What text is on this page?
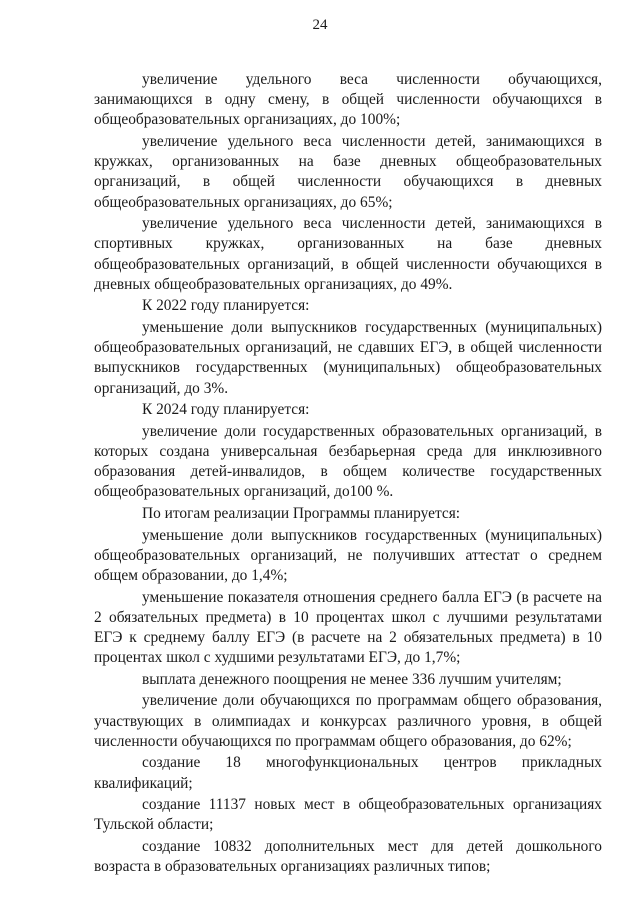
24

увеличение удельного веса численности обучающихся, занимающихся в одну смену, в общей численности обучающихся в общеобразовательных организациях, до 100%;

увеличение удельного веса численности детей, занимающихся в кружках, организованных на базе дневных общеобразовательных организаций, в общей численности обучающихся в дневных общеобразовательных организациях, до 65%;

увеличение удельного веса численности детей, занимающихся в спортивных кружках, организованных на базе дневных общеобразовательных организаций, в общей численности обучающихся в дневных общеобразовательных организациях, до 49%.

К 2022 году планируется:

уменьшение доли выпускников государственных (муниципальных) общеобразовательных организаций, не сдавших ЕГЭ, в общей численности выпускников государственных (муниципальных) общеобразовательных организаций, до 3%.

К 2024 году планируется:

увеличение доли государственных образовательных организаций, в которых создана универсальная безбарьерная среда для инклюзивного образования детей-инвалидов, в общем количестве государственных общеобразовательных организаций, до100 %.

По итогам реализации Программы планируется:

уменьшение доли выпускников государственных (муниципальных) общеобразовательных организаций, не получивших аттестат о среднем общем образовании, до 1,4%;

уменьшение показателя отношения среднего балла ЕГЭ (в расчете на 2 обязательных предмета) в 10 процентах школ с лучшими результатами ЕГЭ к среднему баллу ЕГЭ (в расчете на 2 обязательных предмета) в 10 процентах школ с худшими результатами ЕГЭ, до 1,7%;

выплата денежного поощрения не менее 336 лучшим учителям;

увеличение доли обучающихся по программам общего образования, участвующих в олимпиадах и конкурсах различного уровня, в общей численности обучающихся по программам общего образования, до 62%;

создание 18 многофункциональных центров прикладных квалификаций;

создание 11137 новых мест в общеобразовательных организациях Тульской области;

создание 10832 дополнительных мест для детей дошкольного возраста в образовательных организациях различных типов;
